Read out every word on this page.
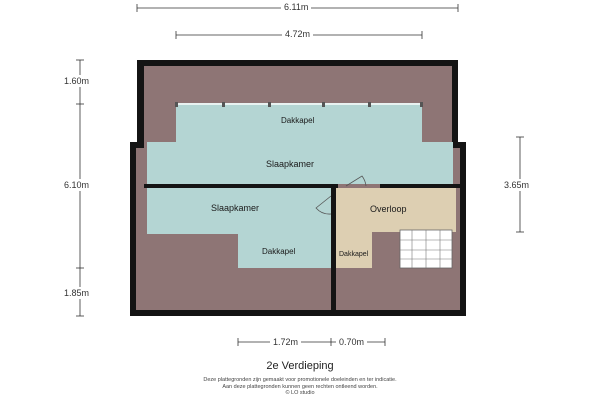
Dakkapel
Slaapkamer
Slaapkamer
Dakkapel
Overloop
Dakkapel
6.11m
4.72m
1.60m
6.10m
1.85m
3.65m
1.72m	0.70m
2e Verdieping
Deze plattegronden zijn gemaakt voor promotionele doeleinden en ter indicatie.
Aan deze plattegronden kunnen geen rechten ontleend worden.
© LO studio
